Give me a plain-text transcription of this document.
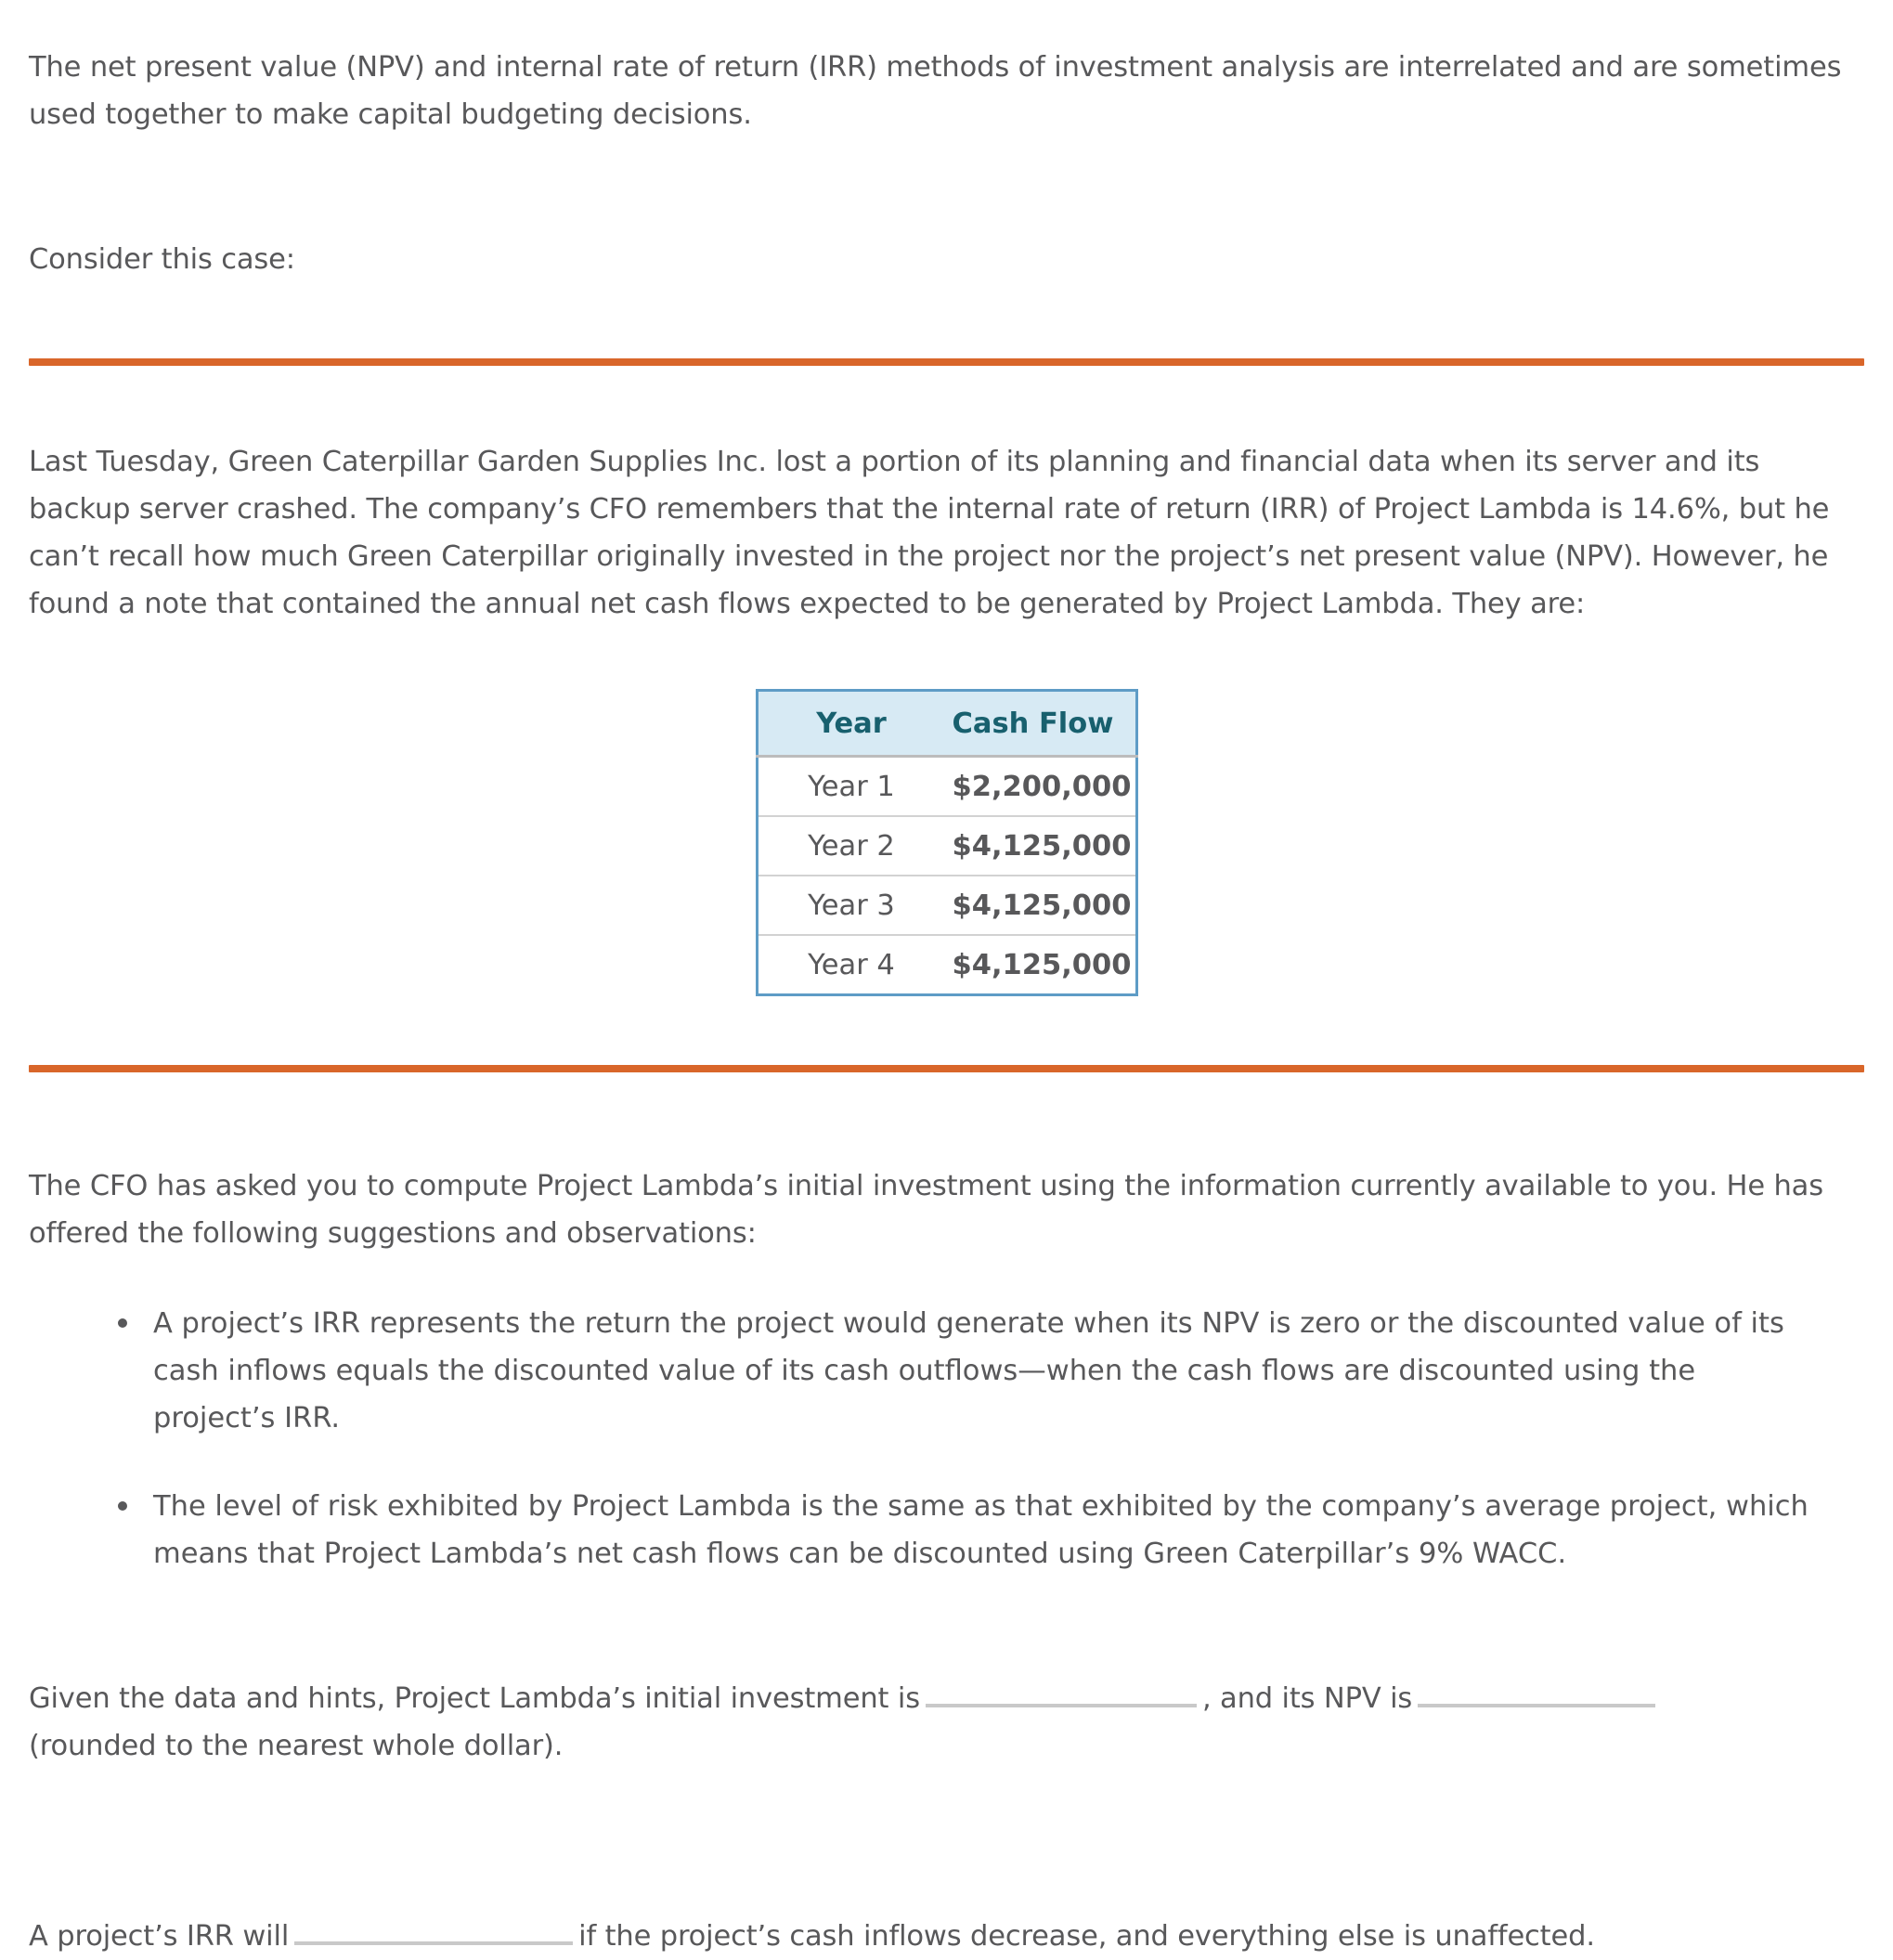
The net present value (NPV) and internal rate of return (IRR) methods of investment analysis are interrelated and are sometimes used together to make capital budgeting decisions.

Consider this case:

Last Tuesday, Green Caterpillar Garden Supplies Inc. lost a portion of its planning and financial data when its server and its backup server crashed. The company’s CFO remembers that the internal rate of return (IRR) of Project Lambda is 14.6%, but he can’t recall how much Green Caterpillar originally invested in the project nor the project’s net present value (NPV). However, he found a note that contained the annual net cash flows expected to be generated by Project Lambda. They are:

Year	Cash Flow
Year 1	$2,200,000
Year 2	$4,125,000
Year 3	$4,125,000
Year 4	$4,125,000

The CFO has asked you to compute Project Lambda’s initial investment using the information currently available to you. He has offered the following suggestions and observations:

A project’s IRR represents the return the project would generate when its NPV is zero or the discounted value of its cash inflows equals the discounted value of its cash outflows—when the cash flows are discounted using the project’s IRR.
The level of risk exhibited by Project Lambda is the same as that exhibited by the company’s average project, which means that Project Lambda’s net cash flows can be discounted using Green Caterpillar’s 9% WACC.

Given the data and hints, Project Lambda’s initial investment is	, and its NPV is
(rounded to the nearest whole dollar).

A project’s IRR will	if the project’s cash inflows decrease, and everything else is unaffected.
